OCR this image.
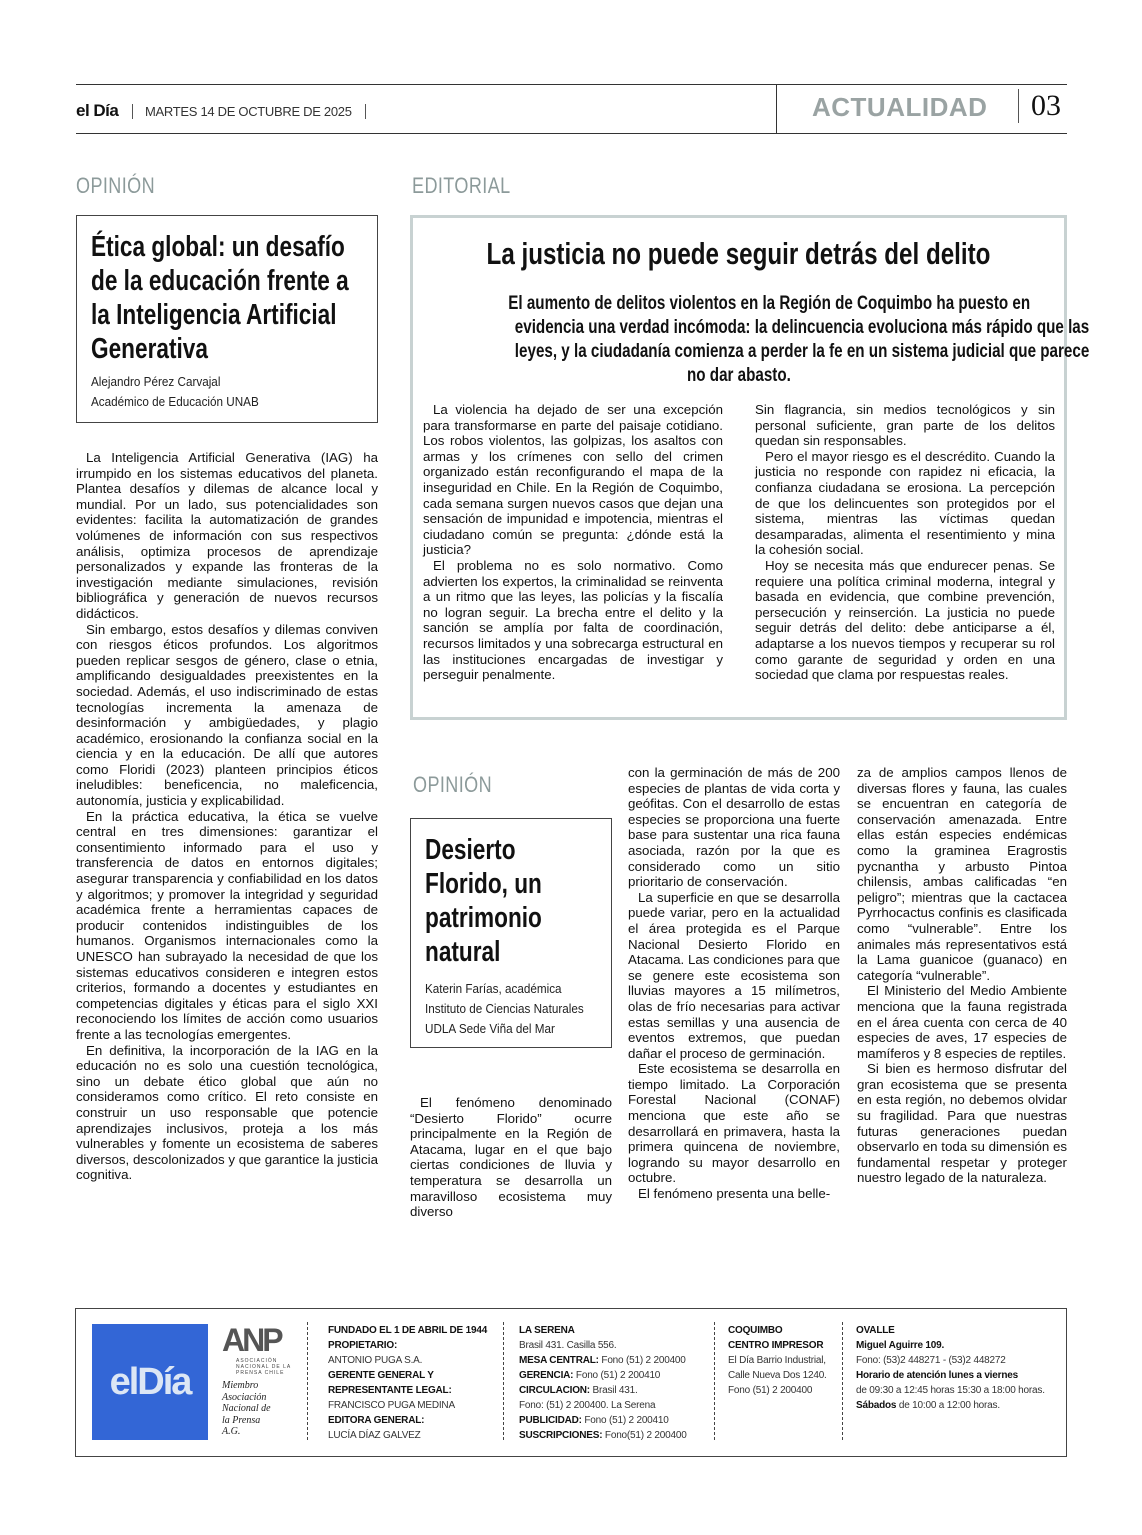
el Día	MARTES 14 DE OCTUBRE DE 2025	ACTUALIDAD	03
OPINIÓN
Ética global: un desafío
de la educación frente a
la Inteligencia Artificial
Generativa
Alejandro Pérez Carvajal
Académico de Educación UNAB

La Inteligencia Artificial Generativa (IAG) ha irrumpido en los sistemas educativos del planeta. Plantea desafíos y dilemas de alcance local y mundial. Por un lado, sus potencialidades son evidentes: facilita la automatización de grandes volúmenes de información con sus respectivos análisis, optimiza procesos de aprendizaje personalizados y expande las fronteras de la investigación mediante simulaciones, revisión bibliográfica y generación de nuevos recursos didácticos.

Sin embargo, estos desafíos y dilemas conviven con riesgos éticos profundos. Los algoritmos pueden replicar sesgos de género, clase o etnia, amplificando desigualdades preexistentes en la sociedad. Además, el uso indiscriminado de estas tecnologías incrementa la amenaza de desinformación y ambigüedades, y plagio académico, erosionando la confianza social en la ciencia y en la educación. De allí que autores como Floridi (2023) planteen principios éticos ineludibles: beneficencia, no maleficencia, autonomía, justicia y explicabilidad.

En la práctica educativa, la ética se vuelve central en tres dimensiones: garantizar el consentimiento informado para el uso y transferencia de datos en entornos digitales; asegurar transparencia y confiabilidad en los datos y algoritmos; y promover la integridad y seguridad académica frente a herramientas capaces de producir contenidos indistinguibles de los humanos. Organismos internacionales como la UNESCO han subrayado la necesidad de que los sistemas educativos consideren e integren estos criterios, formando a docentes y estudiantes en competencias digitales y éticas para el siglo XXI reconociendo los límites de acción como usuarios frente a las tecnologías emergentes.

En definitiva, la incorporación de la IAG en la educación no es solo una cuestión tecnológica, sino un debate ético global que aún no consideramos como crítico. El reto consiste en construir un uso responsable que potencie aprendizajes inclusivos, proteja a los más vulnerables y fomente un ecosistema de saberes diversos, descolonizados y que garantice la justicia cognitiva.

EDITORIAL
La justicia no puede seguir detrás del delito
El aumento de delitos violentos en la Región de Coquimbo ha puesto en
evidencia una verdad incómoda: la delincuencia evoluciona más rápido que las
leyes, y la ciudadanía comienza a perder la fe en un sistema judicial que parece
no dar abasto.

La violencia ha dejado de ser una excepción para transformarse en parte del paisaje cotidiano. Los robos violentos, las golpizas, los asaltos con armas y los crímenes con sello del crimen organizado están reconfigurando el mapa de la inseguridad en Chile. En la Región de Coquimbo, cada semana surgen nuevos casos que dejan una sensación de impunidad e impotencia, mientras el ciudadano común se pregunta: ¿dónde está la justicia?

El problema no es solo normativo. Como advierten los expertos, la criminalidad se reinventa a un ritmo que las leyes, las policías y la fiscalía no logran seguir. La brecha entre el delito y la sanción se amplía por falta de coordinación, recursos limitados y una sobrecarga estructural en las instituciones encargadas de investigar y perseguir penalmente.

Sin flagrancia, sin medios tecnológicos y sin personal suficiente, gran parte de los delitos quedan sin responsables.

Pero el mayor riesgo es el descrédito. Cuando la justicia no responde con rapidez ni eficacia, la confianza ciudadana se erosiona. La percepción de que los delincuentes son protegidos por el sistema, mientras las víctimas quedan desamparadas, alimenta el resentimiento y mina la cohesión social.

Hoy se necesita más que endurecer penas. Se requiere una política criminal moderna, integral y basada en evidencia, que combine prevención, persecución y reinserción. La justicia no puede seguir detrás del delito: debe anticiparse a él, adaptarse a los nuevos tiempos y recuperar su rol como garante de seguridad y orden en una sociedad que clama por respuestas reales.

OPINIÓN
Desierto
Florido, un
patrimonio
natural
Katerin Farías, académica
Instituto de Ciencias Naturales
UDLA Sede Viña del Mar

El fenómeno denominado “Desierto Florido” ocurre principalmente en la Región de Atacama, lugar en el que bajo ciertas condiciones de lluvia y temperatura se desarrolla un maravilloso ecosistema muy diverso

con la germinación de más de 200 especies de plantas de vida corta y geófitas. Con el desarrollo de estas especies se proporciona una fuerte base para sustentar una rica fauna asociada, razón por la que es considerado como un sitio prioritario de conservación.

La superficie en que se desarrolla puede variar, pero en la actualidad el área protegida es el Parque Nacional Desierto Florido en Atacama. Las condiciones para que se genere este ecosistema son lluvias mayores a 15 milímetros, olas de frío necesarias para activar estas semillas y una ausencia de eventos extremos, que puedan dañar el proceso de germinación.

Este ecosistema se desarrolla en tiempo limitado. La Corporación Forestal Nacional (CONAF) menciona que este año se desarrollará en primavera, hasta la primera quincena de noviembre, logrando su mayor desarrollo en octubre.

El fenómeno presenta una belle-

za de amplios campos llenos de diversas flores y fauna, las cuales se encuentran en categoría de conservación amenazada. Entre ellas están especies endémicas como la graminea Eragrostis pycnantha y arbusto Pintoa chilensis, ambas calificadas “en peligro”; mientras que la cactacea Pyrrhocactus confinis es clasificada como “vulnerable”. Entre los animales más representativos está la Lama guanicoe (guanaco) en categoría “vulnerable”.

El Ministerio del Medio Ambiente menciona que la fauna registrada en el área cuenta con cerca de 40 especies de aves, 17 especies de mamíferos y 8 especies de reptiles.

Si bien es hermoso disfrutar del gran ecosistema que se presenta en esta región, no debemos olvidar su fragilidad. Para que nuestras futuras generaciones puedan observarlo en toda su dimensión es fundamental respetar y proteger nuestro legado de la naturaleza.

elDía
ANP
ASOCIACIÓN NACIONAL DE LA PRENSA CHILE
Miembro
Asociación
Nacional de
la Prensa
A.G.
FUNDADO EL 1 DE ABRIL DE 1944
PROPIETARIO:
ANTONIO PUGA S.A.
GERENTE GENERAL Y
REPRESENTANTE LEGAL:
FRANCISCO PUGA MEDINA
EDITORA GENERAL:
LUCÍA DÍAZ GALVEZ
LA SERENA
Brasil 431. Casilla 556.
MESA CENTRAL: Fono (51) 2 200400
GERENCIA: Fono (51) 2 200410
CIRCULACION: Brasil 431.
Fono: (51) 2 200400. La Serena
PUBLICIDAD: Fono (51) 2 200410
SUSCRIPCIONES: Fono(51) 2 200400
COQUIMBO
CENTRO IMPRESOR
El Día Barrio Industrial,
Calle Nueva Dos 1240.
Fono (51) 2 200400
OVALLE
Miguel Aguirre 109.
Fono: (53)2 448271 - (53)2 448272
Horario de atención lunes a viernes
de 09:30 a 12:45 horas 15:30 a 18:00 horas.
Sábados de 10:00 a 12:00 horas.
